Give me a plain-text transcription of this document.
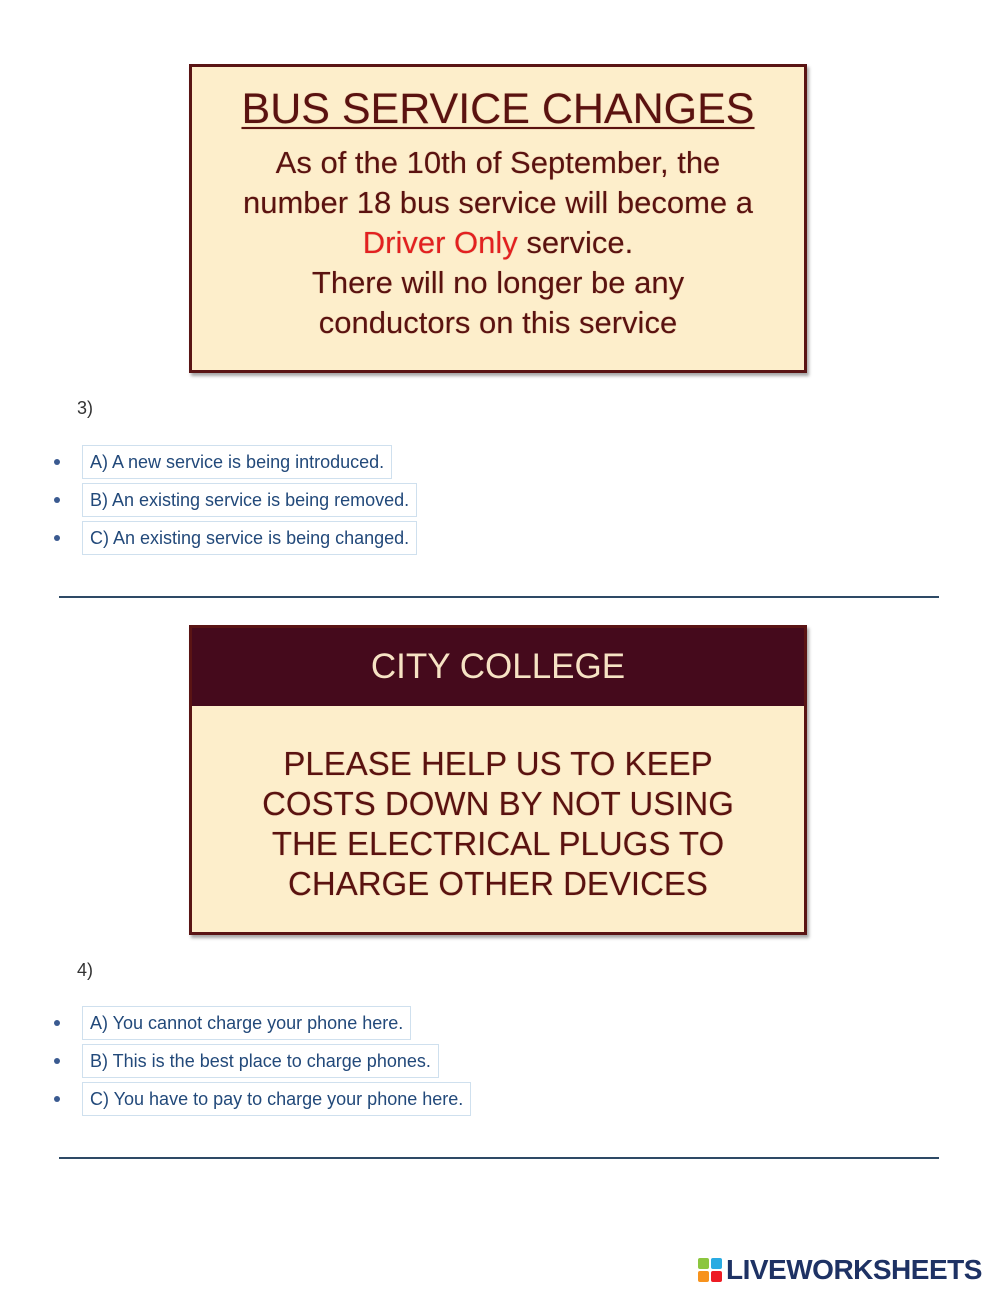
BUS SERVICE CHANGES
As of the 10th of September, the
number 18 bus service will become a
Driver Only service.
There will no longer be any
conductors on this service
3)
A) A new service is being introduced.
B) An existing service is being removed.
C) An existing service is being changed.
CITY COLLEGE
PLEASE HELP US TO KEEP
COSTS DOWN BY NOT USING
THE ELECTRICAL PLUGS TO
CHARGE OTHER DEVICES
4)
A) You cannot charge your phone here.
B) This is the best place to charge phones.
C) You have to pay to charge your phone here.
LIVEWORKSHEETS
